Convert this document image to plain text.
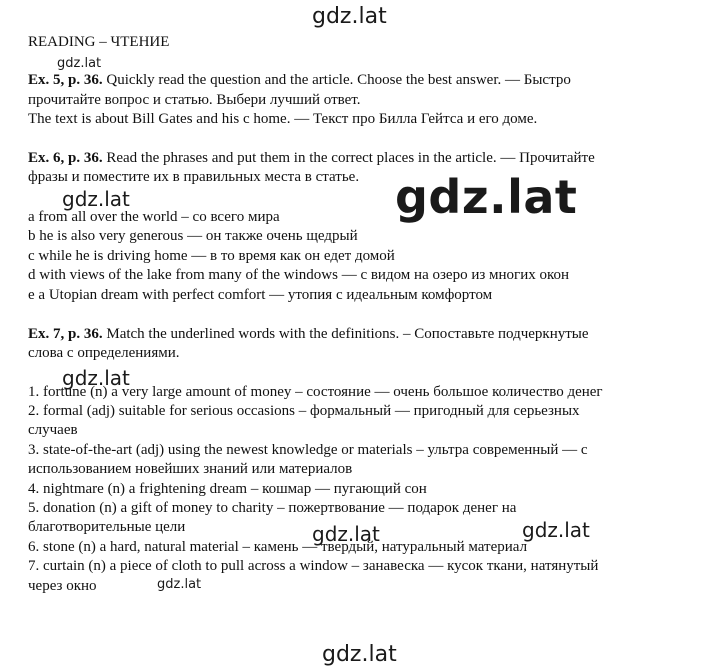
gdz.lat
gdz.lat
gdz.lat
gdz.lat	gdz.lat
gdz.lat
gdz.lat	gdz.lat
gdz.lat
READING – ЧТЕНИЕ
Ex. 5, p. 36. Quickly read the question and the article. Choose the best answer. — Быстро
прочитайте вопрос и статью. Выбери лучший ответ.
The text is about Bill Gates and his c home. — Текст про Билла Гейтса и его доме.
Ex. 6, p. 36. Read the phrases and put them in the correct places in the article. — Прочитайте
фразы и поместите их в правильных места в статье.
a from all over the world – со всего мира
b he is also very generous — он также очень щедрый
c while he is driving home — в то время как он едет домой
d with views of the lake from many of the windows — с видом на озеро из многих окон
e a Utopian dream with perfect comfort — утопия с идеальным комфортом
Ex. 7, p. 36. Match the underlined words with the definitions. – Сопоставьте подчеркнутые
слова с определениями.
1. fortune (n) a very large amount of money – состояние — очень большое количество денег
2. formal (adj) suitable for serious occasions – формальный — пригодный для серьезных
случаев
3. state-of-the-art (adj) using the newest knowledge or materials – ультра современный — с
использованием новейших знаний или материалов
4. nightmare (n) a frightening dream – кошмар — пугающий сон
5. donation (n) a gift of money to charity – пожертвование — подарок денег на
благотворительные цели
6. stone (n) a hard, natural material – камень — твердый, натуральный материал
7. curtain (n) a piece of cloth to pull across a window – занавеска — кусок ткани, натянутый
через окно
